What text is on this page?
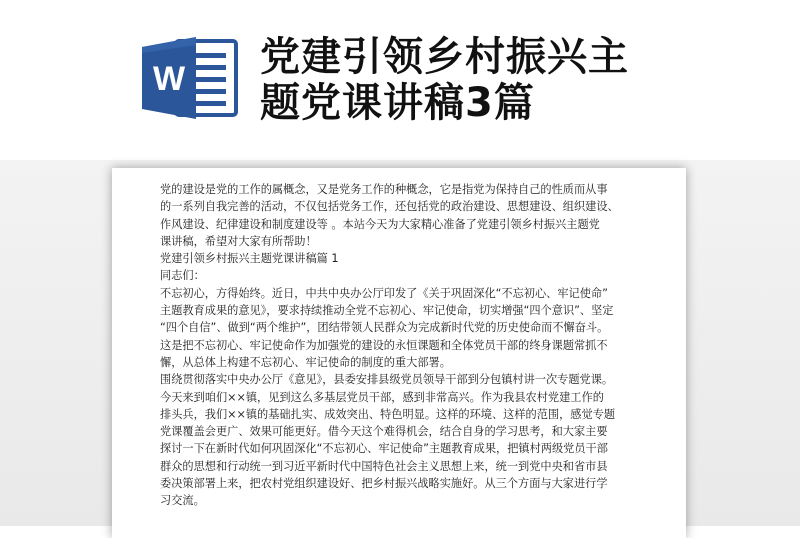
W 党建引领乡村振兴主
题党课讲稿3篇

党的建设是党的工作的属概念，又是党务工作的种概念，它是指党为保持自己的性质而从事

的一系列自我完善的活动，不仅包括党务工作，还包括党的政治建设、思想建设、组织建设、

作风建设、纪律建设和制度建设等 。本站今天为大家精心准备了党建引领乡村振兴主题党

课讲稿，希望对大家有所帮助！

党建引领乡村振兴主题党课讲稿篇 1

同志们：

不忘初心，方得始终。近日，中共中央办公厅印发了《关于巩固深化“不忘初心、牢记使命”

主题教育成果的意见》，要求持续推动全党不忘初心、牢记使命，切实增强“四个意识”、坚定

“四个自信”、做到“两个维护”，团结带领人民群众为完成新时代党的历史使命而不懈奋斗。

这是把不忘初心、牢记使命作为加强党的建设的永恒课题和全体党员干部的终身课题常抓不

懈，从总体上构建不忘初心、牢记使命的制度的重大部署。

围绕贯彻落实中央办公厅《意见》，县委安排县级党员领导干部到分包镇村讲一次专题党课。

今天来到咱们××镇，见到这么多基层党员干部，感到非常高兴。作为我县农村党建工作的

排头兵，我们××镇的基础扎实、成效突出、特色明显。这样的环境、这样的范围，感觉专题

党课覆盖会更广、效果可能更好。借今天这个难得机会，结合自身的学习思考，和大家主要

探讨一下在新时代如何巩固深化“不忘初心、牢记使命”主题教育成果，把镇村两级党员干部

群众的思想和行动统一到习近平新时代中国特色社会主义思想上来，统一到党中央和省市县

委决策部署上来，把农村党组织建设好、把乡村振兴战略实施好。从三个方面与大家进行学

习交流。
